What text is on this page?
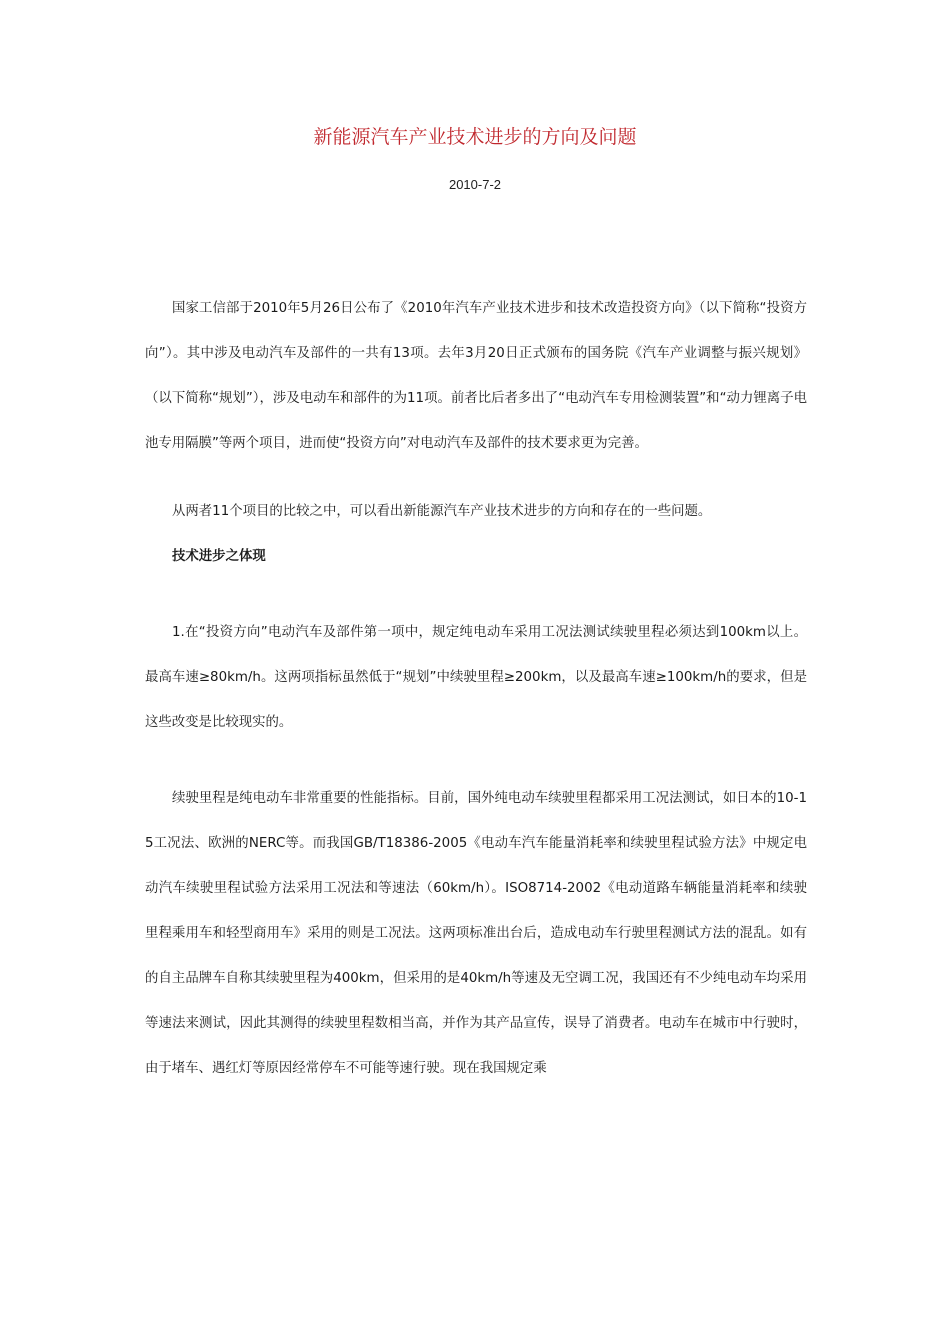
新能源汽车产业技术进步的方向及问题
2010-7-2

国家工信部于2010年5月26日公布了《2010年汽车产业技术进步和技术改造投资方向》（以下简称“投资方向”）。其中涉及电动汽车及部件的一共有13项。去年3月20日正式颁布的国务院《汽车产业调整与振兴规划》（以下简称“规划”），涉及电动车和部件的为11项。前者比后者多出了“电动汽车专用检测装置”和“动力锂离子电池专用隔膜”等两个项目，进而使“投资方向”对电动汽车及部件的技术要求更为完善。

从两者11个项目的比较之中，可以看出新能源汽车产业技术进步的方向和存在的一些问题。

技术进步之体现

1.在“投资方向”电动汽车及部件第一项中，规定纯电动车采用工况法测试续驶里程必须达到100km以上。最高车速≥80km/h。这两项指标虽然低于“规划”中续驶里程≥200km，以及最高车速≥100km/h的要求，但是这些改变是比较现实的。

续驶里程是纯电动车非常重要的性能指标。目前，国外纯电动车续驶里程都采用工况法测试，如日本的10-15工况法、欧洲的NERC等。而我国GB/T18386-2005《电动车汽车能量消耗率和续驶里程试验方法》中规定电动汽车续驶里程试验方法采用工况法和等速法（60km/h）。ISO8714-2002《电动道路车辆能量消耗率和续驶里程乘用车和轻型商用车》采用的则是工况法。这两项标准出台后，造成电动车行驶里程测试方法的混乱。如有的自主品牌车自称其续驶里程为400km，但采用的是40km/h等速及无空调工况，我国还有不少纯电动车均采用等速法来测试，因此其测得的续驶里程数相当高，并作为其产品宣传，误导了消费者。电动车在城市中行驶时，由于堵车、遇红灯等原因经常停车不可能等速行驶。现在我国规定乘
